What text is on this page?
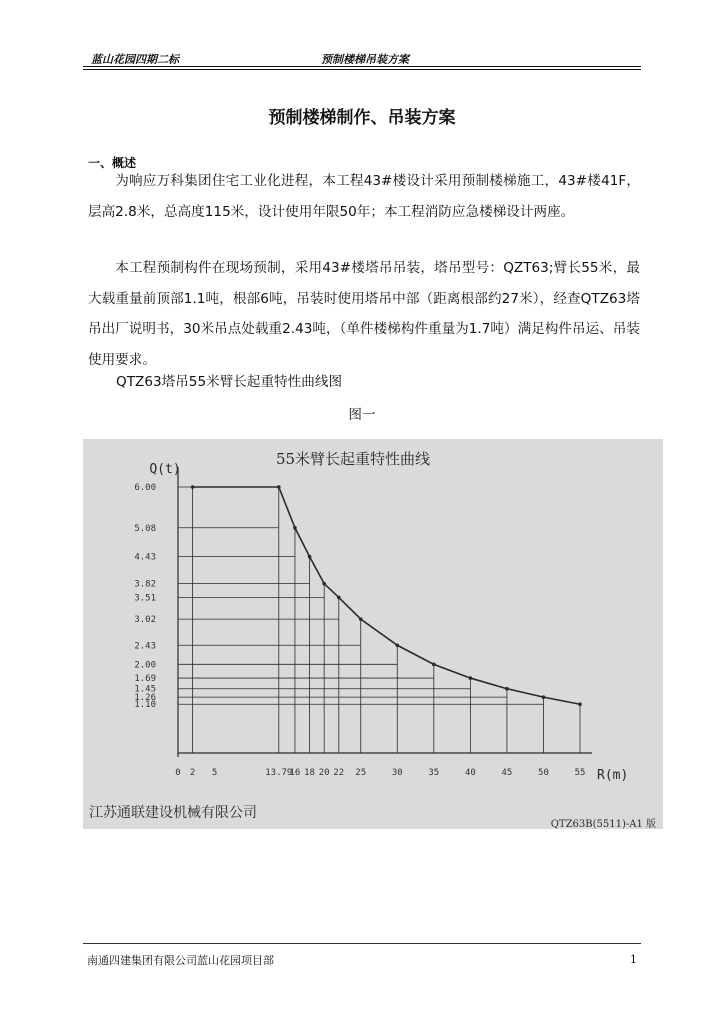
蓝山花园四期二标	预制楼梯吊装方案
预制楼梯制作、吊装方案
一、概述

为响应万科集团住宅工业化进程，本工程43#楼设计采用预制楼梯施工，43#楼41F，层高2.8米，总高度115米，设计使用年限50年；本工程消防应急楼梯设计两座。

本工程预制构件在现场预制，采用43#楼塔吊吊装，塔吊型号：QZT63;臂长55米，最大载重量前顶部1.1吨，根部6吨，吊装时使用塔吊中部（距离根部约27米），经查QTZ63塔吊出厂说明书，30米吊点处载重2.43吨，（单件楼梯构件重量为1.7吨）满足构件吊运、吊装使用要求。

QTZ63塔吊55米臂长起重特性曲线图
图一
6.00
5.08
4.43
3.82
3.51
3.02
2.43
2.00
1.69
1.45
1.26
1.10
0 2 5	13.79
16 18 20 22 25	30	35	40	45	50	55
55米臂长起重特性曲线
Q(t)
R(m)
江苏通联建设机械有限公司
QTZ63B(5511)-A1 版
南通四建集团有限公司蓝山花园项目部	1
